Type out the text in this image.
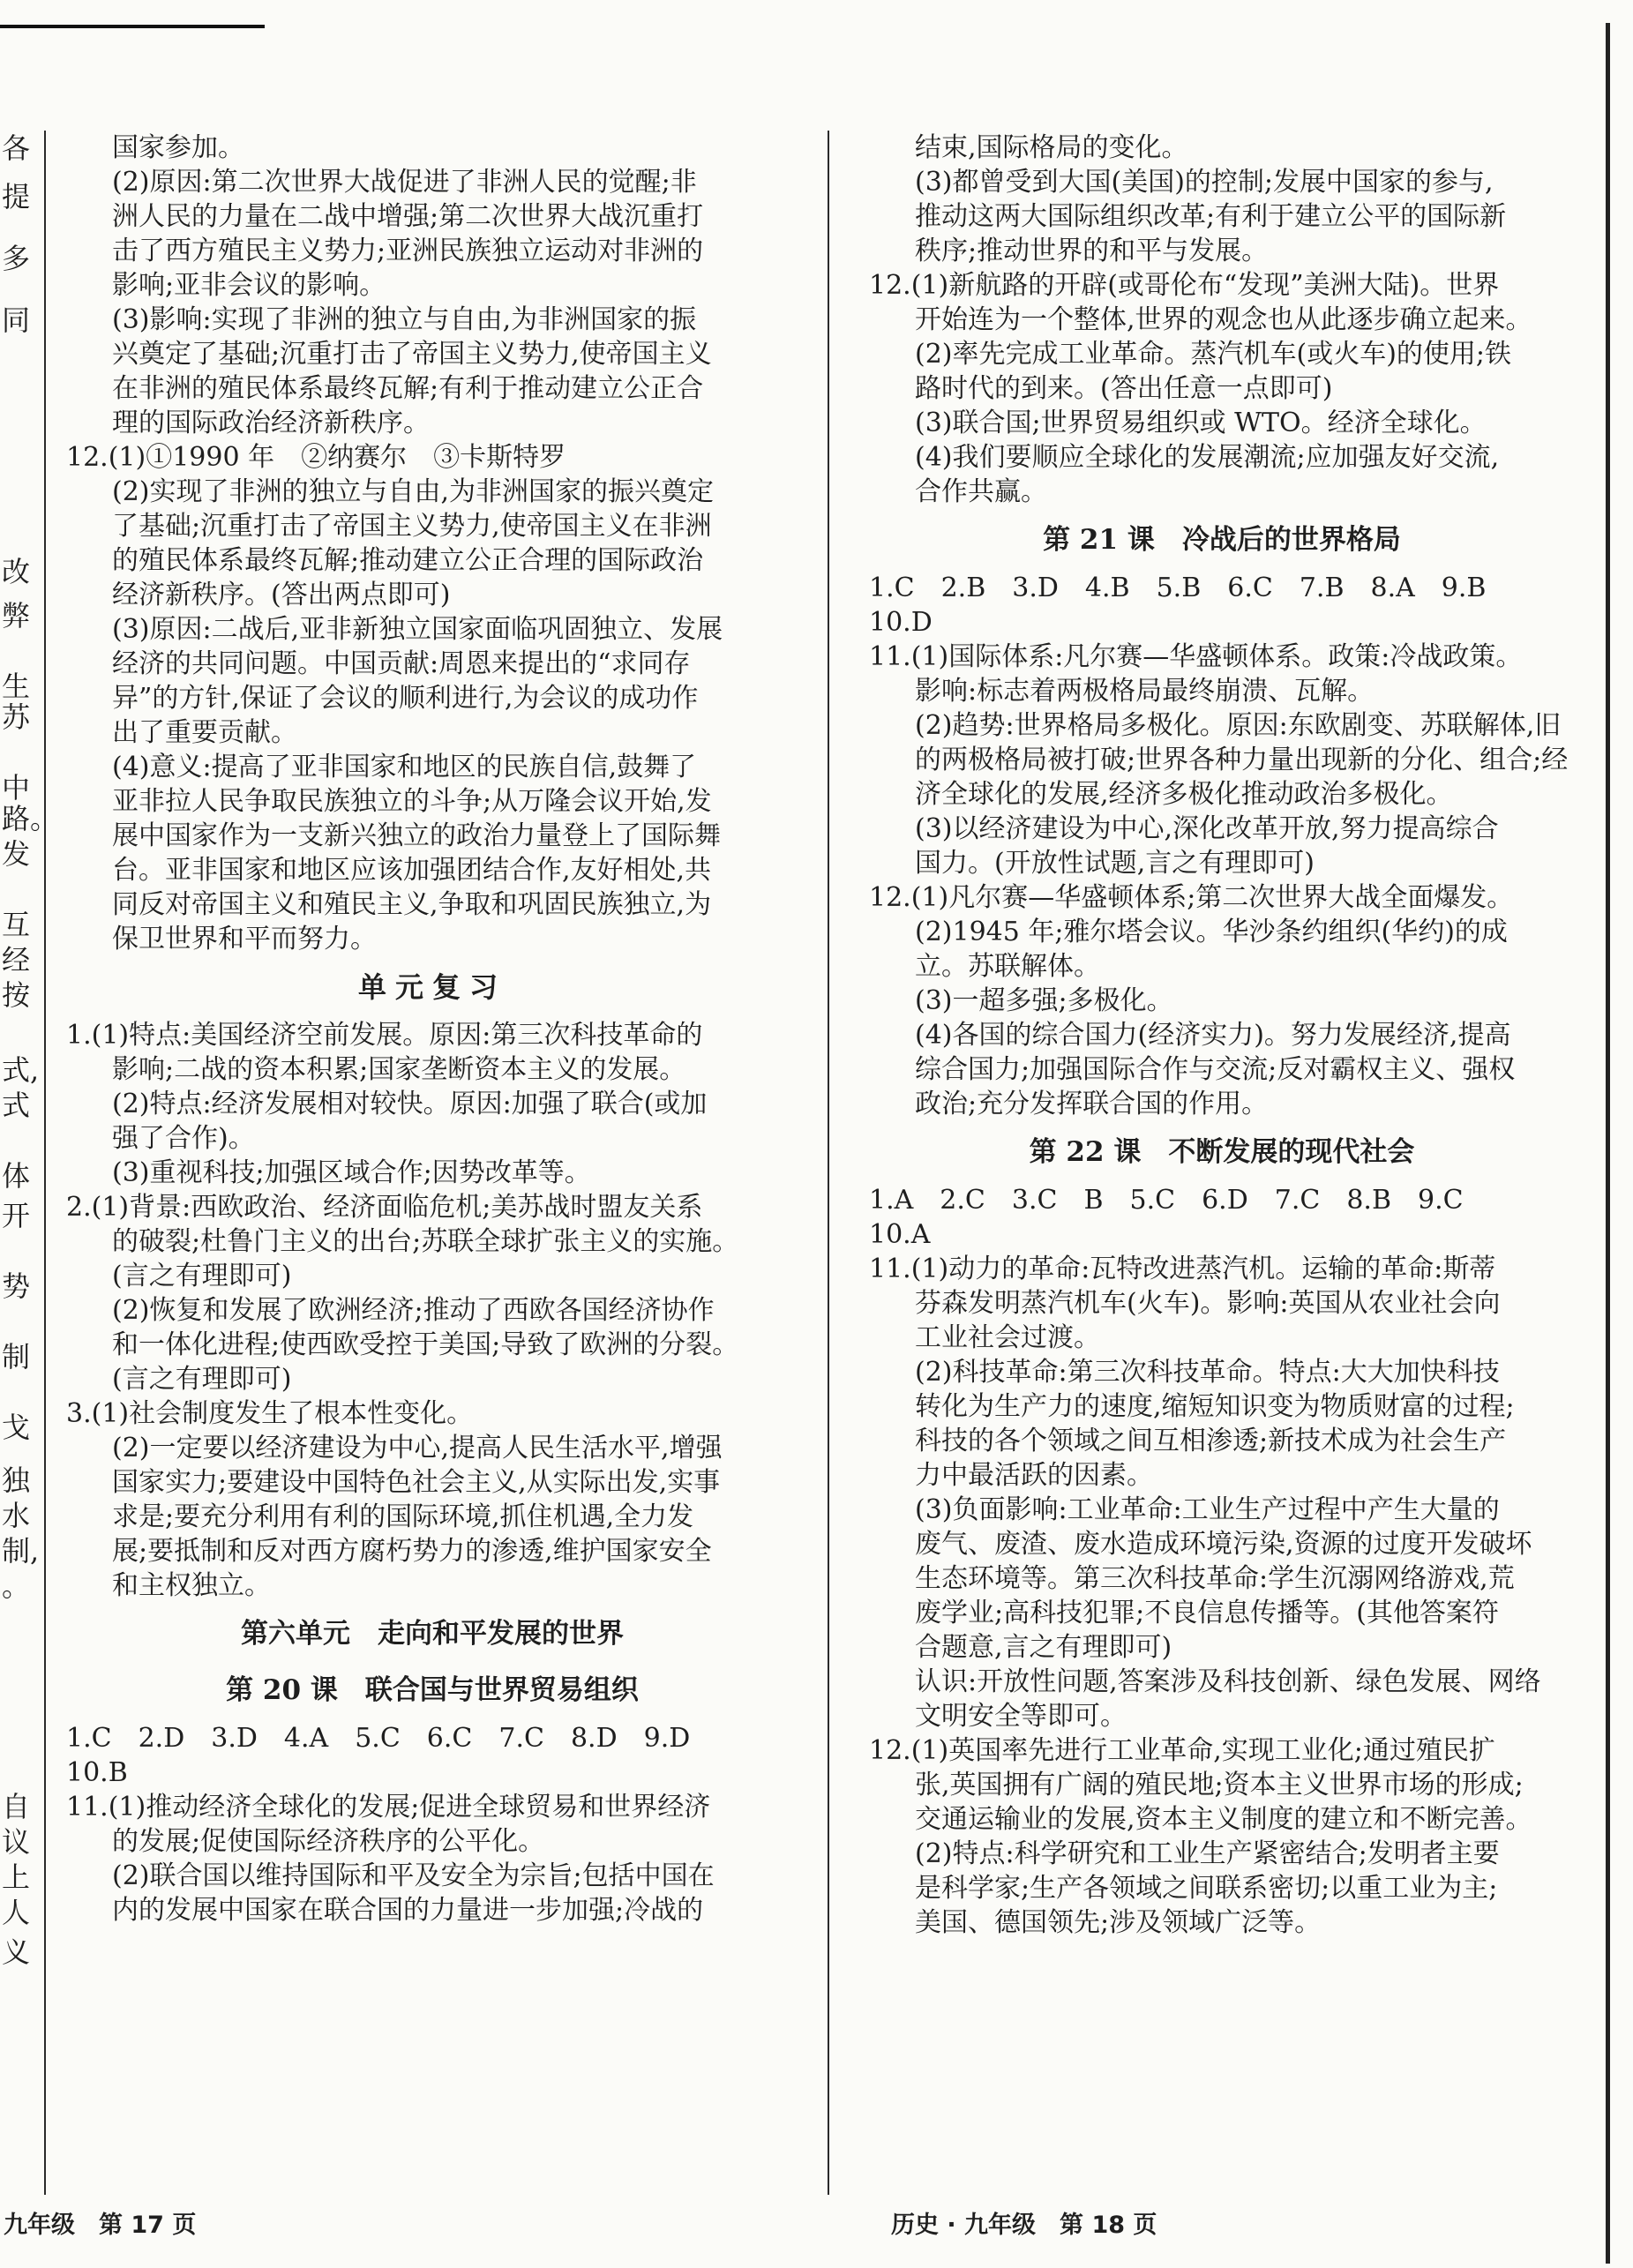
各
提
多
同
改
弊
生
苏
中
路。
发
互
经
按
式,
式
体
开
势
制
戈
独
水
制,
。
自
议
上
人
义
国家参加。
(2)原因:第二次世界大战促进了非洲人民的觉醒;非
洲人民的力量在二战中增强;第二次世界大战沉重打
击了西方殖民主义势力;亚洲民族独立运动对非洲的
影响;亚非会议的影响。
(3)影响:实现了非洲的独立与自由,为非洲国家的振
兴奠定了基础;沉重打击了帝国主义势力,使帝国主义
在非洲的殖民体系最终瓦解;有利于推动建立公正合
理的国际政治经济新秩序。
12.(1)①1990 年　②纳赛尔　③卡斯特罗
(2)实现了非洲的独立与自由,为非洲国家的振兴奠定
了基础;沉重打击了帝国主义势力,使帝国主义在非洲
的殖民体系最终瓦解;推动建立公正合理的国际政治
经济新秩序。(答出两点即可)
(3)原因:二战后,亚非新独立国家面临巩固独立、发展
经济的共同问题。中国贡献:周恩来提出的“求同存
异”的方针,保证了会议的顺利进行,为会议的成功作
出了重要贡献。
(4)意义:提高了亚非国家和地区的民族自信,鼓舞了
亚非拉人民争取民族独立的斗争;从万隆会议开始,发
展中国家作为一支新兴独立的政治力量登上了国际舞
台。亚非国家和地区应该加强团结合作,友好相处,共
同反对帝国主义和殖民主义,争取和巩固民族独立,为
保卫世界和平而努力。
单元复习
1.(1)特点:美国经济空前发展。原因:第三次科技革命的
影响;二战的资本积累;国家垄断资本主义的发展。
(2)特点:经济发展相对较快。原因:加强了联合(或加
强了合作)。
(3)重视科技;加强区域合作;因势改革等。
2.(1)背景:西欧政治、经济面临危机;美苏战时盟友关系
的破裂;杜鲁门主义的出台;苏联全球扩张主义的实施。
(言之有理即可)
(2)恢复和发展了欧洲经济;推动了西欧各国经济协作
和一体化进程;使西欧受控于美国;导致了欧洲的分裂。
(言之有理即可)
3.(1)社会制度发生了根本性变化。
(2)一定要以经济建设为中心,提高人民生活水平,增强
国家实力;要建设中国特色社会主义,从实际出发,实事
求是;要充分利用有利的国际环境,抓住机遇,全力发
展;要抵制和反对西方腐朽势力的渗透,维护国家安全
和主权独立。
第六单元　走向和平发展的世界
第 20 课　联合国与世界贸易组织
1.C　2.D　3.D　4.A　5.C　6.C　7.C　8.D　9.D
10.B
11.(1)推动经济全球化的发展;促进全球贸易和世界经济
的发展;促使国际经济秩序的公平化。
(2)联合国以维持国际和平及安全为宗旨;包括中国在
内的发展中国家在联合国的力量进一步加强;冷战的
结束,国际格局的变化。
(3)都曾受到大国(美国)的控制;发展中国家的参与,
推动这两大国际组织改革;有利于建立公平的国际新
秩序;推动世界的和平与发展。
12.(1)新航路的开辟(或哥伦布“发现”美洲大陆)。世界
开始连为一个整体,世界的观念也从此逐步确立起来。
(2)率先完成工业革命。蒸汽机车(或火车)的使用;铁
路时代的到来。(答出任意一点即可)
(3)联合国;世界贸易组织或 WTO。经济全球化。
(4)我们要顺应全球化的发展潮流;应加强友好交流,
合作共赢。
第 21 课　冷战后的世界格局
1.C　2.B　3.D　4.B　5.B　6.C　7.B　8.A　9.B
10.D
11.(1)国际体系:凡尔赛—华盛顿体系。政策:冷战政策。
影响:标志着两极格局最终崩溃、瓦解。
(2)趋势:世界格局多极化。原因:东欧剧变、苏联解体,旧
的两极格局被打破;世界各种力量出现新的分化、组合;经
济全球化的发展,经济多极化推动政治多极化。
(3)以经济建设为中心,深化改革开放,努力提高综合
国力。(开放性试题,言之有理即可)
12.(1)凡尔赛—华盛顿体系;第二次世界大战全面爆发。
(2)1945 年;雅尔塔会议。华沙条约组织(华约)的成
立。苏联解体。
(3)一超多强;多极化。
(4)各国的综合国力(经济实力)。努力发展经济,提高
综合国力;加强国际合作与交流;反对霸权主义、强权
政治;充分发挥联合国的作用。
第 22 课　不断发展的现代社会
1.A　2.C　3.C　B　5.C　6.D　7.C　8.B　9.C
10.A
11.(1)动力的革命:瓦特改进蒸汽机。运输的革命:斯蒂
芬森发明蒸汽机车(火车)。影响:英国从农业社会向
工业社会过渡。
(2)科技革命:第三次科技革命。特点:大大加快科技
转化为生产力的速度,缩短知识变为物质财富的过程;
科技的各个领域之间互相渗透;新技术成为社会生产
力中最活跃的因素。
(3)负面影响:工业革命:工业生产过程中产生大量的
废气、废渣、废水造成环境污染,资源的过度开发破坏
生态环境等。第三次科技革命:学生沉溺网络游戏,荒
废学业;高科技犯罪;不良信息传播等。(其他答案符
合题意,言之有理即可)
认识:开放性问题,答案涉及科技创新、绿色发展、网络
文明安全等即可。
12.(1)英国率先进行工业革命,实现工业化;通过殖民扩
张,英国拥有广阔的殖民地;资本主义世界市场的形成;
交通运输业的发展,资本主义制度的建立和不断完善。
(2)特点:科学研究和工业生产紧密结合;发明者主要
是科学家;生产各领域之间联系密切;以重工业为主;
美国、德国领先;涉及领域广泛等。
九年级　第 17 页	历史 · 九年级　第 18 页
